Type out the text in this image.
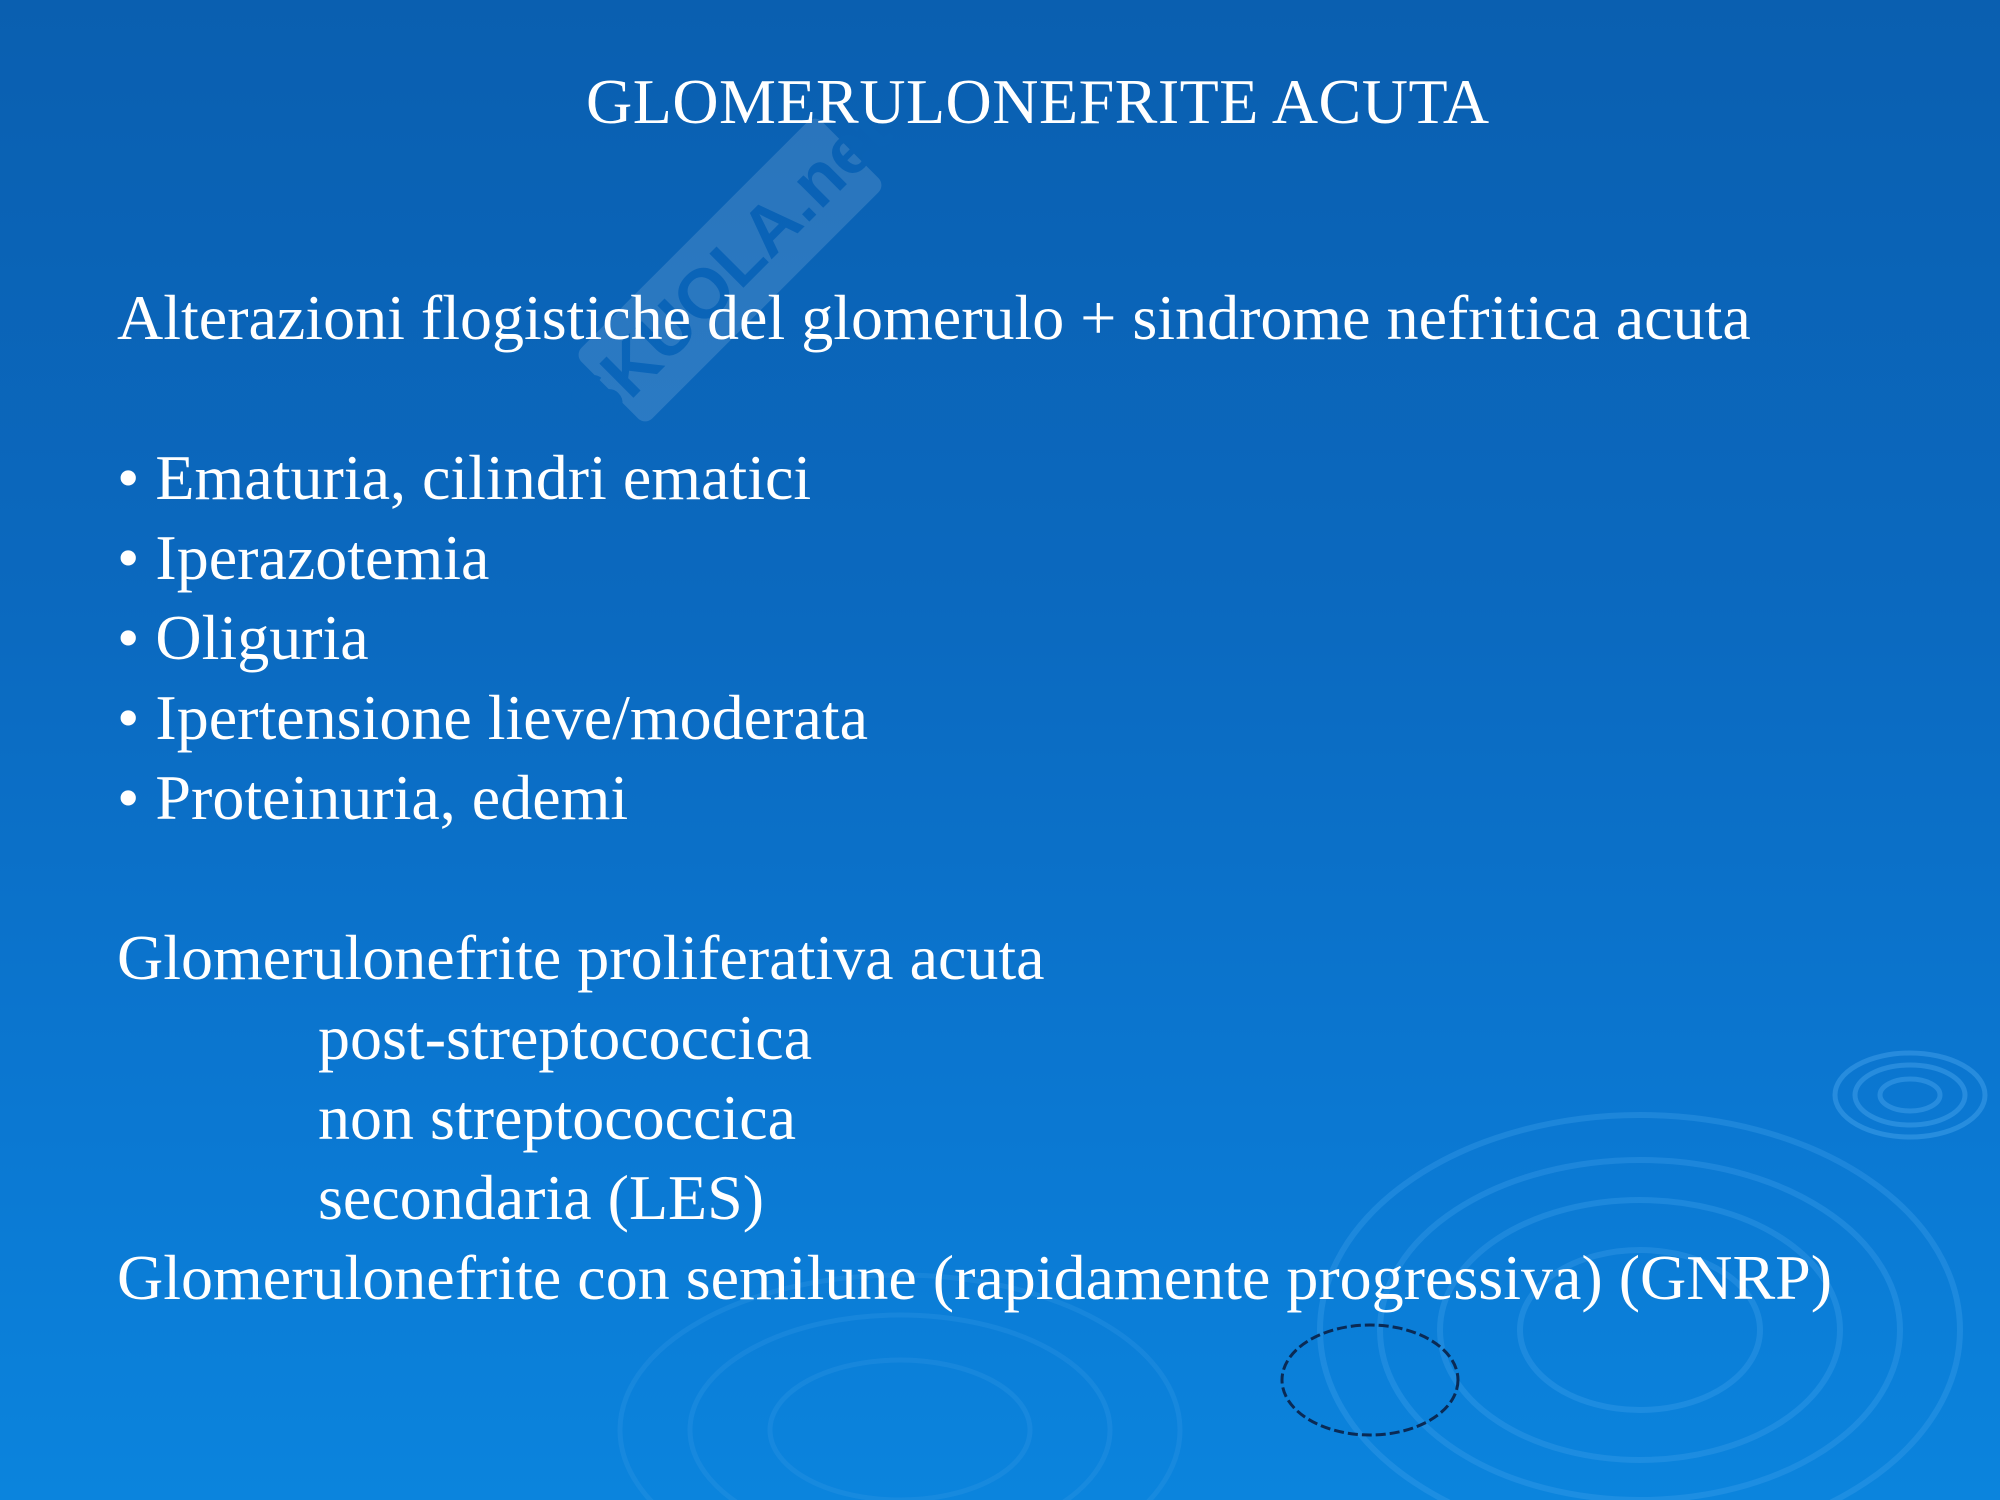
SKUOLA.net
GLOMERULONEFRITE ACUTA
Alterazioni flogistiche del glomerulo + sindrome nefritica acuta
• Ematuria, cilindri ematici
• Iperazotemia
• Oliguria
• Ipertensione lieve/moderata
• Proteinuria, edemi
Glomerulonefrite proliferativa acuta
post-streptococcica
non streptococcica
secondaria (LES)
Glomerulonefrite con semilune (rapidamente progressiva) (GNRP)
